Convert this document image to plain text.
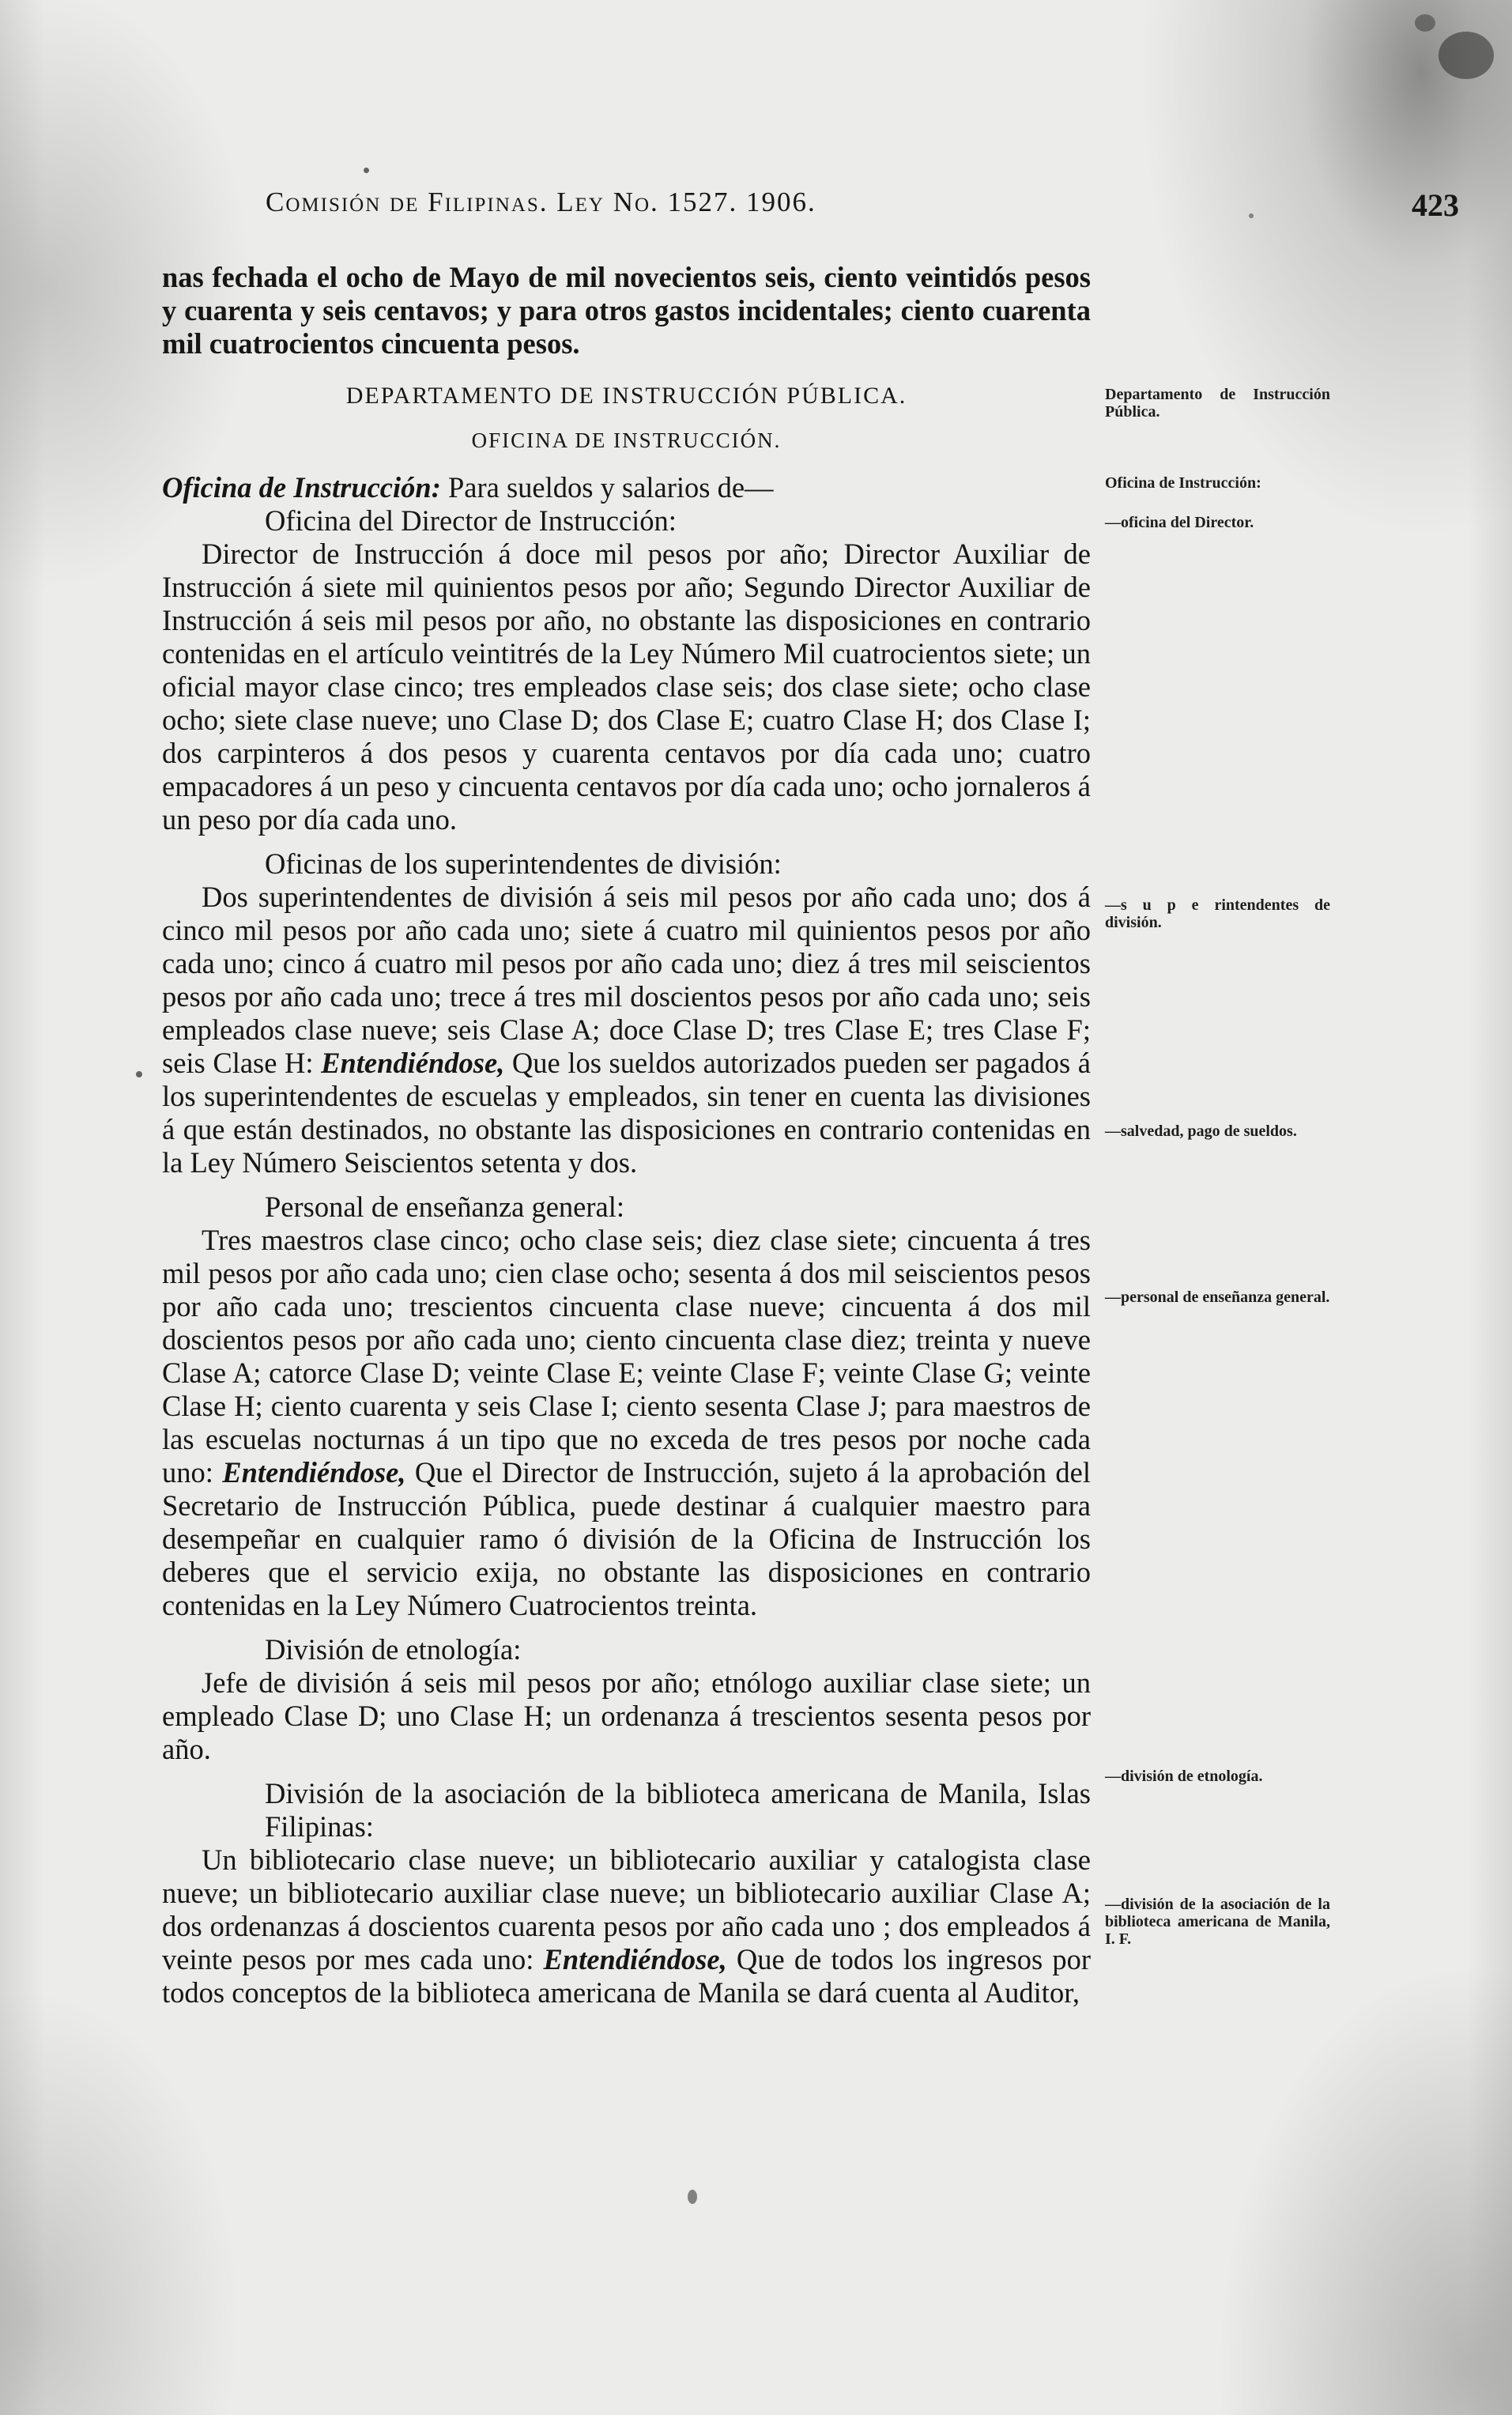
Comisión de Filipinas. Ley No. 1527. 1906.	423

nas fechada el ocho de Mayo de mil novecientos seis, ciento veintidós pesos y cuarenta y seis centavos; y para otros gastos incidentales; ciento cuarenta mil cuatrocientos cincuenta pesos.

DEPARTAMENTO DE INSTRUCCIÓN PÚBLICA.

OFICINA DE INSTRUCCIÓN.

Oficina de Instrucción: Para sueldos y salarios de—

Oficina del Director de Instrucción:

Director de Instrucción á doce mil pesos por año; Director Auxiliar de Instrucción á siete mil quinientos pesos por año; Segundo Director Auxiliar de Instrucción á seis mil pesos por año, no obstante las disposiciones en contrario contenidas en el artículo veintitrés de la Ley Número Mil cuatrocientos siete; un oficial mayor clase cinco; tres empleados clase seis; dos clase siete; ocho clase ocho; siete clase nueve; uno Clase D; dos Clase E; cuatro Clase H; dos Clase I; dos carpinteros á dos pesos y cuarenta centavos por día cada uno; cuatro empacadores á un peso y cincuenta centavos por día cada uno; ocho jornaleros á un peso por día cada uno.

Oficinas de los superintendentes de división:

Dos superintendentes de división á seis mil pesos por año cada uno; dos á cinco mil pesos por año cada uno; siete á cuatro mil quinientos pesos por año cada uno; cinco á cuatro mil pesos por año cada uno; diez á tres mil seiscientos pesos por año cada uno; trece á tres mil doscientos pesos por año cada uno; seis empleados clase nueve; seis Clase A; doce Clase D; tres Clase E; tres Clase F; seis Clase H: Entendiéndose, Que los sueldos autorizados pueden ser pagados á los superintendentes de escuelas y empleados, sin tener en cuenta las divisiones á que están destinados, no obstante las disposiciones en contrario contenidas en la Ley Número Seiscientos setenta y dos.

Personal de enseñanza general:

Tres maestros clase cinco; ocho clase seis; diez clase siete; cincuenta á tres mil pesos por año cada uno; cien clase ocho; sesenta á dos mil seiscientos pesos por año cada uno; trescientos cincuenta clase nueve; cincuenta á dos mil doscientos pesos por año cada uno; ciento cincuenta clase diez; treinta y nueve Clase A; catorce Clase D; veinte Clase E; veinte Clase F; veinte Clase G; veinte Clase H; ciento cuarenta y seis Clase I; ciento sesenta Clase J; para maestros de las escuelas nocturnas á un tipo que no exceda de tres pesos por noche cada uno: Entendiéndose, Que el Director de Instrucción, sujeto á la aprobación del Secretario de Instrucción Pública, puede destinar á cualquier maestro para desempeñar en cualquier ramo ó división de la Oficina de Instrucción los deberes que el servicio exija, no obstante las disposiciones en contrario contenidas en la Ley Número Cuatrocientos treinta.

División de etnología:

Jefe de división á seis mil pesos por año; etnólogo auxiliar clase siete; un empleado Clase D; uno Clase H; un ordenanza á trescientos sesenta pesos por año.

División de la asociación de la biblioteca americana de Manila, Islas Filipinas:

Un bibliotecario clase nueve; un bibliotecario auxiliar y catalogista clase nueve; un bibliotecario auxiliar clase nueve; un bibliotecario auxiliar Clase A; dos ordenanzas á doscientos cuarenta pesos por año cada uno ; dos empleados á veinte pesos por mes cada uno: Entendiéndose, Que de todos los ingresos por todos conceptos de la biblioteca americana de Manila se dará cuenta al Auditor,

Departamento de Instrucción Pública.
Oficina de Instrucción:
—oficina del Director.
—s u p e rintendentes de división.
—salvedad, pago de sueldos.
—personal de enseñanza general.
—división de etnología.
—división de la asociación de la biblioteca americana de Manila, I. F.
